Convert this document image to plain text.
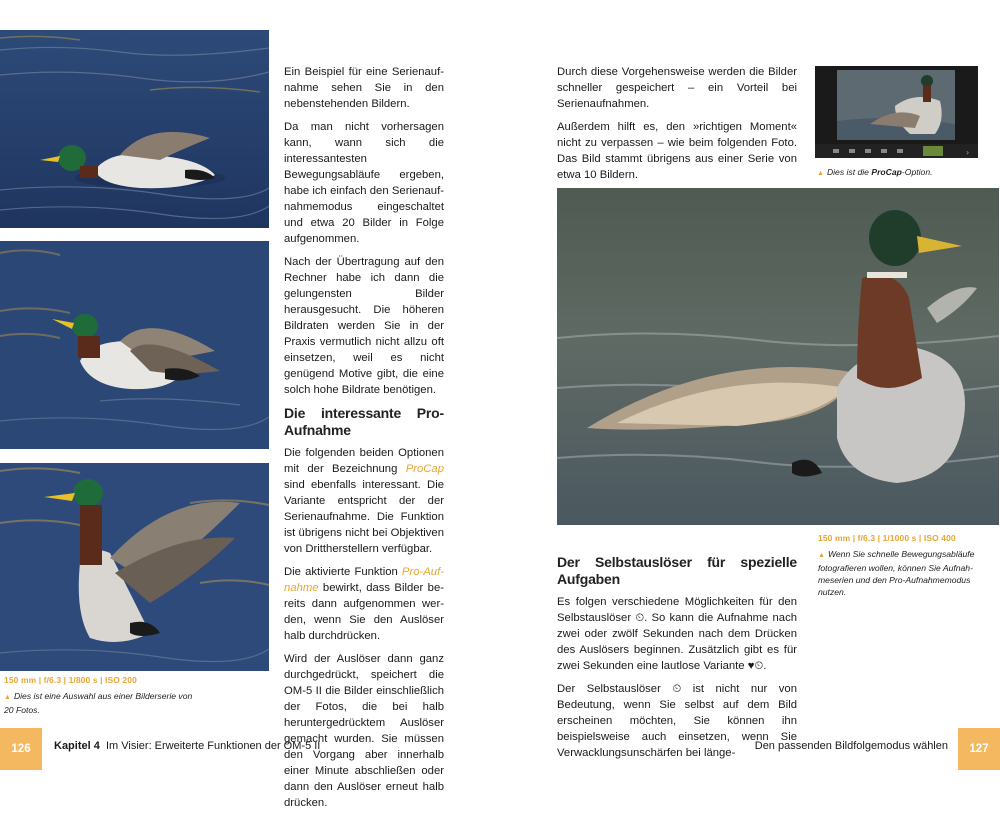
150 mm | f/6.3 | 1/800 s | ISO 200
▲ Dies ist eine Auswahl aus einer Bilderserie von 20 Fotos.

Ein Beispiel für eine Serienaufnahme sehen Sie in den nebenstehenden Bildern.

Da man nicht vorhersagen kann, wann sich die interessantesten Bewegungsabläufe ergeben, habe ich einfach den Serienaufnahmemodus eingeschaltet und etwa 20 Bilder in Folge aufgenommen.

Nach der Übertragung auf den Rechner habe ich dann die gelungensten Bilder herausgesucht. Die höheren Bildraten werden Sie in der Praxis vermutlich nicht allzu oft einsetzen, weil es nicht genügend Motive gibt, die eine solch hohe Bildrate benötigen.

Die interessante Pro-Aufnahme

Die folgenden beiden Optionen mit der Bezeichnung ProCap sind ebenfalls interessant. Die Variante entspricht der der Serienaufnahme. Die Funktion ist übrigens nicht bei Objektiven von Drittherstellern verfügbar.

Die aktivierte Funktion Pro-Aufnahme bewirkt, dass Bilder bereits dann aufgenommen werden, wenn Sie den Auslöser halb durchdrücken.

Wird der Auslöser dann ganz durchgedrückt, speichert die OM-5 II die Bilder einschließlich der Fotos, die bei halb heruntergedrücktem Auslöser gemacht wurden. Sie müssen den Vorgang aber innerhalb einer Minute abschließen oder dann den Auslöser erneut halb drücken.

126	Kapitel 4 Im Visier: Erweiterte Funktionen der OM-5 II

Durch diese Vorgehensweise werden die Bilder schneller gespeichert – ein Vorteil bei Serienaufnahmen.

Außerdem hilft es, den »richtigen Moment« nicht zu verpassen – wie beim folgenden Foto. Das Bild stammt übrigens aus einer Serie von etwa 10 Bildern.

›
▲ Dies ist die ProCap-Option.
150 mm | f/6.3 | 1/1000 s | ISO 400
▲ Wenn Sie schnelle Bewegungsabläufe fotografieren wollen, können Sie Aufnahmeserien und den Pro-Aufnahmemodus nutzen.
Der Selbstauslöser für spezielle Aufgaben

Es folgen verschiedene Möglichkeiten für den Selbstauslöser ⏲. So kann die Aufnahme nach zwei oder zwölf Sekunden nach dem Drücken des Auslösers beginnen. Zusätzlich gibt es für zwei Sekunden eine lautlose Variante ♥⏲.

Der Selbstauslöser ⏲ ist nicht nur von Bedeutung, wenn Sie selbst auf dem Bild erscheinen möchten, Sie können ihn beispielsweise auch einsetzen, wenn Sie Verwacklungsunschärfen bei länge-

Den passenden Bildfolgemodus wählen	127
